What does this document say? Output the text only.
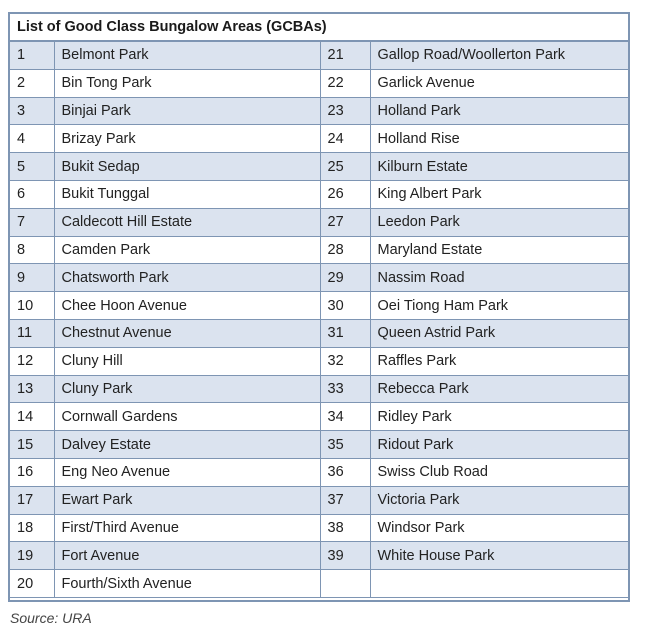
List of Good Class Bungalow Areas (GCBAs)
1	Belmont Park	21	Gallop Road/Woollerton Park
2	Bin Tong Park	22	Garlick Avenue
3	Binjai Park	23	Holland Park
4	Brizay Park	24	Holland Rise
5	Bukit Sedap	25	Kilburn Estate
6	Bukit Tunggal	26	King Albert Park
7	Caldecott Hill Estate	27	Leedon Park
8	Camden Park	28	Maryland Estate
9	Chatsworth Park	29	Nassim Road
10	Chee Hoon Avenue	30	Oei Tiong Ham Park
11	Chestnut Avenue	31	Queen Astrid Park
12	Cluny Hill	32	Raffles Park
13	Cluny Park	33	Rebecca Park
14	Cornwall Gardens	34	Ridley Park
15	Dalvey Estate	35	Ridout Park
16	Eng Neo Avenue	36	Swiss Club Road
17	Ewart Park	37	Victoria Park
18	First/Third Avenue	38	Windsor Park
19	Fort Avenue	39	White House Park
20	Fourth/Sixth Avenue		
Source: URA
